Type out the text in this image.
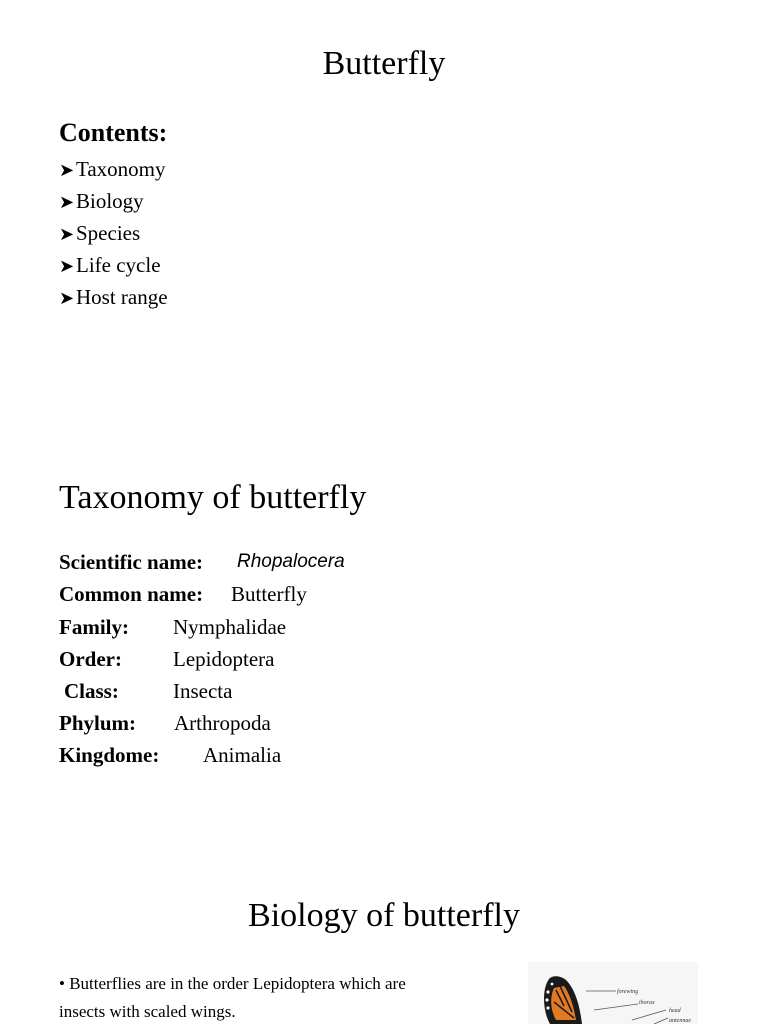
Butterfly
Contents:
➤Taxonomy
➤Biology
➤Species
➤Life cycle
➤Host range
Taxonomy of butterfly
Scientific name: Rhopalocera
Common name: Butterfly
Family: Nymphalidae
Order: Lepidoptera
Class:	Insecta
Phylum: Arthropoda
Kingdome: Animalia
Biology of butterfly
• Butterflies are in the order Lepidoptera which are insects with scaled wings.
forewing
thorax
head
antennae
